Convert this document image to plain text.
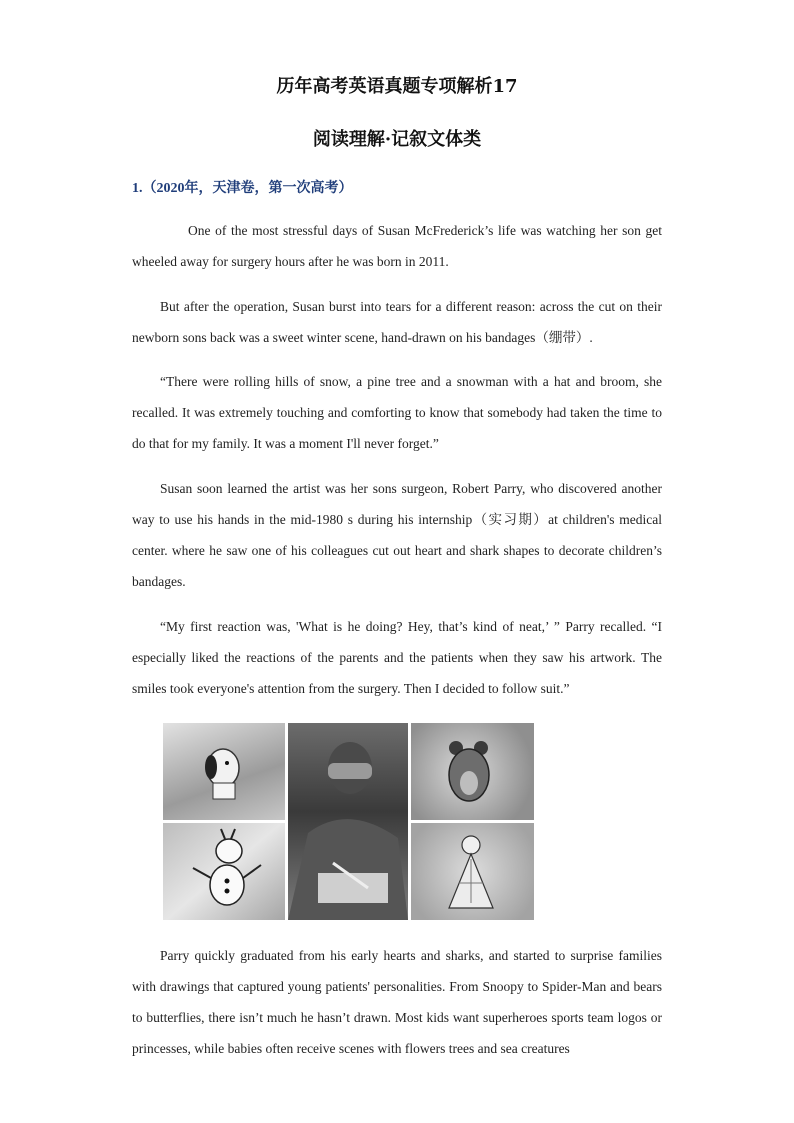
历年高考英语真题专项解析17
阅读理解·记叙文体类
1.（2020年，天津卷，第一次高考）
One of the most stressful days of Susan McFrederick’s life was watching her son get wheeled away for surgery hours after he was born in 2011.
But after the operation, Susan burst into tears for a different reason: across the cut on their newborn sons back was a sweet winter scene, hand-drawn on his bandages（绷带）.
“There were rolling hills of snow, a pine tree and a snowman with a hat and broom, she recalled. It was extremely touching and comforting to know that somebody had taken the time to do that for my family. It was a moment I'll never forget.”
Susan soon learned the artist was her sons surgeon, Robert Parry, who discovered another way to use his hands in the mid-1980 s during his internship（实习期）at children's medical center. where he saw one of his colleagues cut out heart and shark shapes to decorate children’s bandages.
“My first reaction was, 'What is he doing? Hey, that’s kind of neat,’ ” Parry recalled. “I especially liked the reactions of the parents and the patients when they saw his artwork. The smiles took everyone's attention from the surgery. Then I decided to follow suit.”
Parry quickly graduated from his early hearts and sharks, and started to surprise families with drawings that captured young patients' personalities. From Snoopy to Spider-Man and bears to butterflies, there isn’t much he hasn’t drawn. Most kids want superheroes sports team logos or princesses, while babies often receive scenes with flowers trees and sea creatures
